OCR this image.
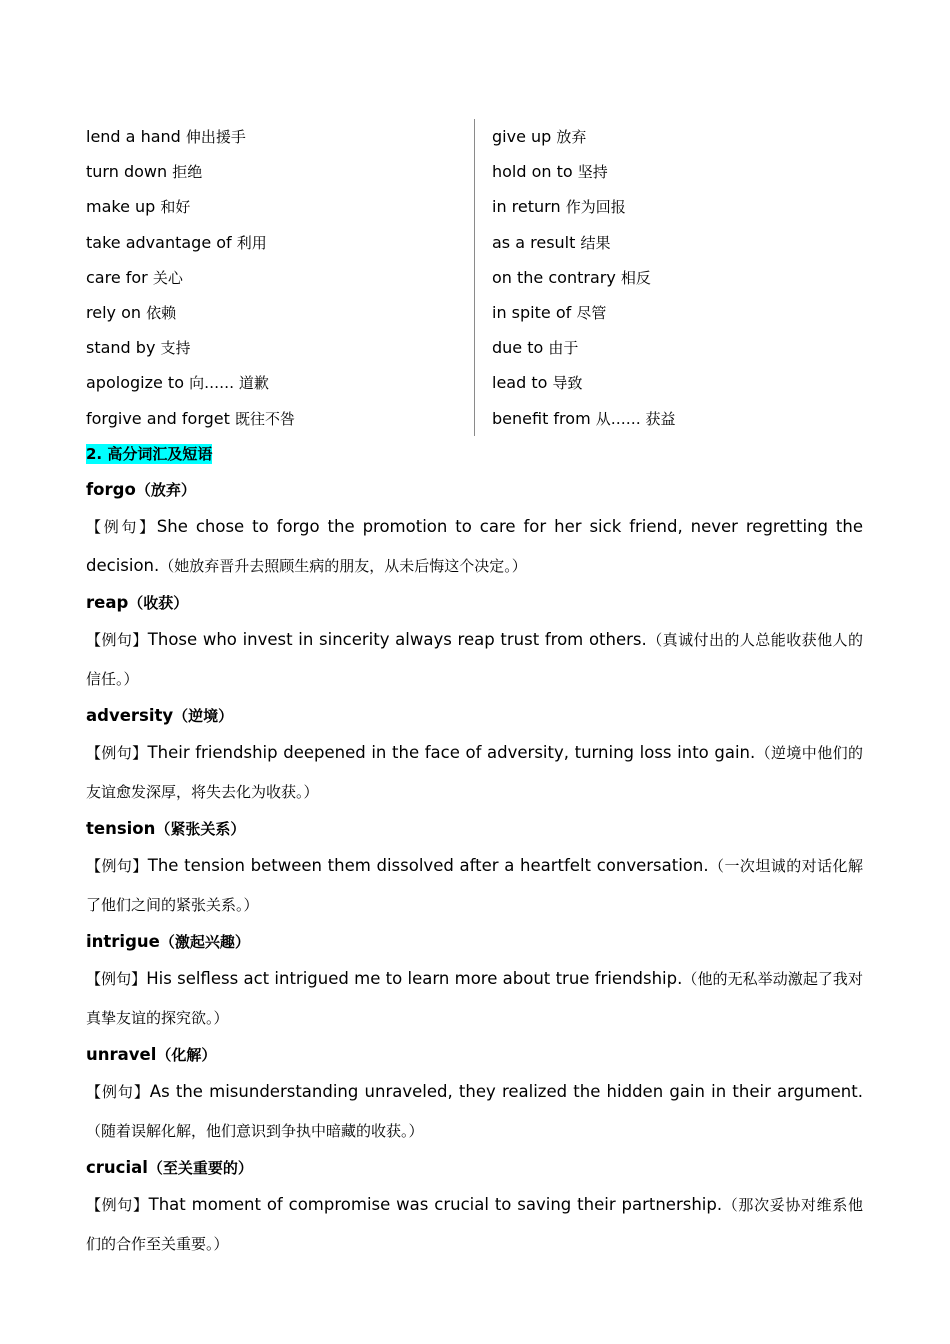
lend a hand 伸出援手
turn down 拒绝
make up 和好
take advantage of 利用
care for 关心
rely on 依赖
stand by 支持
apologize to 向…… 道歉
forgive and forget 既往不咎
give up 放弃
hold on to 坚持
in return 作为回报
as a result 结果
on the contrary 相反
in spite of 尽管
due to 由于
lead to 导致
benefit from 从…… 获益
2. 高分词汇及短语
forgo（放弃）

【例句】She chose to forgo the promotion to care for her sick friend, never regretting the decision.（她放弃晋升去照顾生病的朋友，从未后悔这个决定。）

reap（收获）

【例句】Those who invest in sincerity always reap trust from others.（真诚付出的人总能收获他人的信任。）

adversity（逆境）

【例句】Their friendship deepened in the face of adversity, turning loss into gain.（逆境中他们的友谊愈发深厚，将失去化为收获。）

tension（紧张关系）

【例句】The tension between them dissolved after a heartfelt conversation.（一次坦诚的对话化解了他们之间的紧张关系。）

intrigue（激起兴趣）

【例句】His selfless act intrigued me to learn more about true friendship.（他的无私举动激起了我对真挚友谊的探究欲。）

unravel（化解）

【例句】As the misunderstanding unraveled, they realized the hidden gain in their argument.（随着误解化解，他们意识到争执中暗藏的收获。）

crucial（至关重要的）

【例句】That moment of compromise was crucial to saving their partnership.（那次妥协对维系他们的合作至关重要。）
